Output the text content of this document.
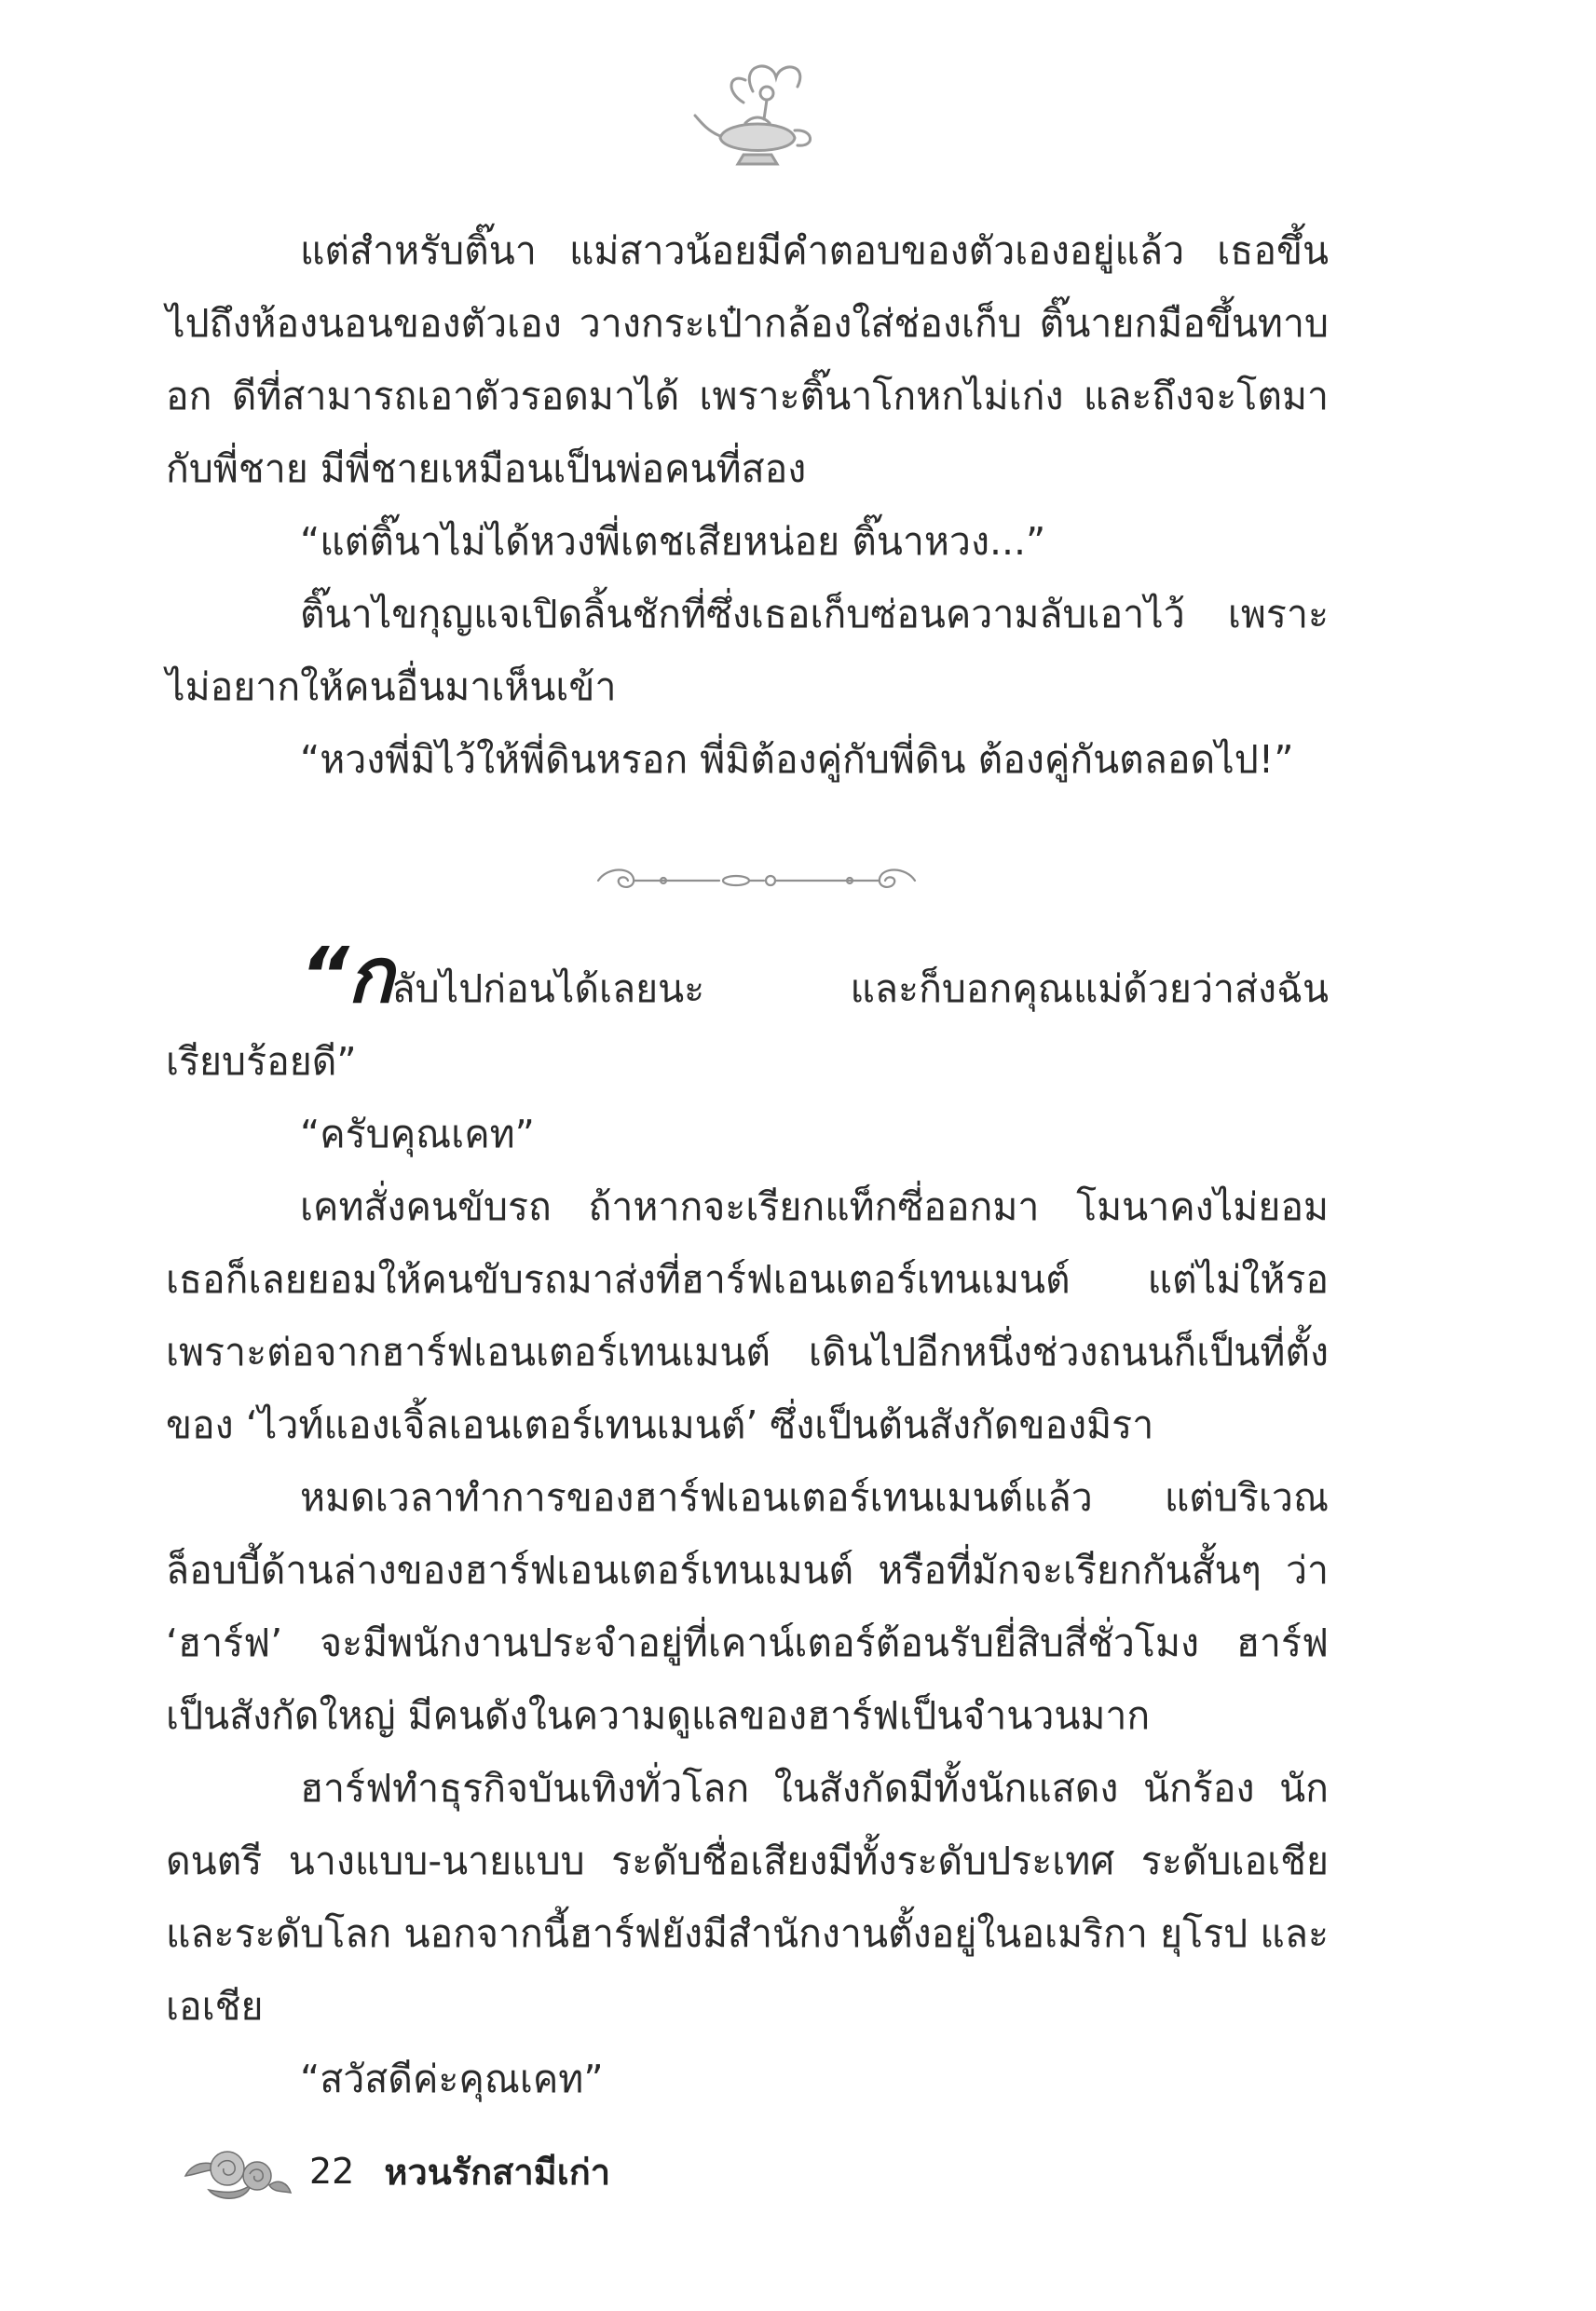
แต่สำหรับติ๊นา แม่สาวน้อยมีคำตอบของตัวเองอยู่แล้ว เธอขึ้นไปถึงห้องนอนของตัวเอง วางกระเป๋ากล้องใส่ช่องเก็บ ติ๊นายกมือขึ้นทาบอก ดีที่สามารถเอาตัวรอดมาได้ เพราะติ๊นาโกหกไม่เก่ง และถึงจะโตมากับพี่ชาย มีพี่ชายเหมือนเป็นพ่อคนที่สอง

“แต่ติ๊นาไม่ได้หวงพี่เตชเสียหน่อย ติ๊นาหวง...”

ติ๊นาไขกุญแจเปิดลิ้นชักที่ซึ่งเธอเก็บซ่อนความลับเอาไว้ เพราะไม่อยากให้คนอื่นมาเห็นเข้า

“หวงพี่มิไว้ให้พี่ดินหรอก พี่มิต้องคู่กับพี่ดิน ต้องคู่กันตลอดไป!”

“กลับไปก่อนได้เลยนะ และก็บอกคุณแม่ด้วยว่าส่งฉันเรียบร้อยดี”

“ครับคุณเคท”

เคทสั่งคนขับรถ ถ้าหากจะเรียกแท็กซี่ออกมา โมนาคงไม่ยอมเธอก็เลยยอมให้คนขับรถมาส่งที่ฮาร์ฟเอนเตอร์เทนเมนต์ แต่ไม่ให้รอเพราะต่อจากฮาร์ฟเอนเตอร์เทนเมนต์ เดินไปอีกหนึ่งช่วงถนนก็เป็นที่ตั้งของ ‘ไวท์แองเจิ้ลเอนเตอร์เทนเมนต์’ ซึ่งเป็นต้นสังกัดของมิรา

หมดเวลาทำการของฮาร์ฟเอนเตอร์เทนเมนต์แล้ว แต่บริเวณล็อบบี้ด้านล่างของฮาร์ฟเอนเตอร์เทนเมนต์ หรือที่มักจะเรียกกันสั้นๆ ว่า ‘ฮาร์ฟ’ จะมีพนักงานประจำอยู่ที่เคาน์เตอร์ต้อนรับยี่สิบสี่ชั่วโมง ฮาร์ฟเป็นสังกัดใหญ่ มีคนดังในความดูแลของฮาร์ฟเป็นจำนวนมาก

ฮาร์ฟทำธุรกิจบันเทิงทั่วโลก ในสังกัดมีทั้งนักแสดง นักร้อง นักดนตรี นางแบบ-นายแบบ ระดับชื่อเสียงมีทั้งระดับประเทศ ระดับเอเชีย และระดับโลก นอกจากนี้ฮาร์ฟยังมีสำนักงานตั้งอยู่ในอเมริกา ยุโรป และเอเชีย

“สวัสดีค่ะคุณเคท”

22 หวนรักสามีเก่า
